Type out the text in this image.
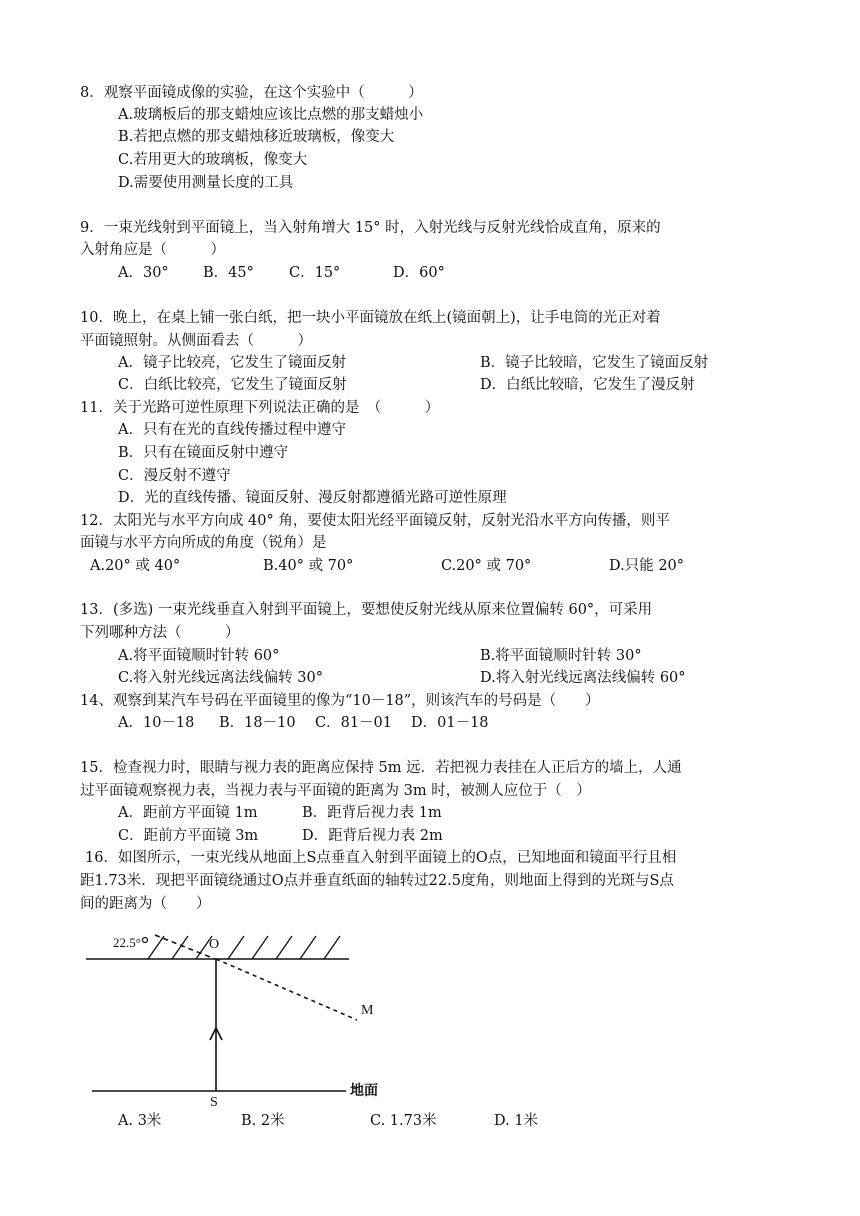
8．观察平面镜成像的实验，在这个实验中（　　　）
A.玻璃板后的那支蜡烛应该比点燃的那支蜡烛小
B.若把点燃的那支蜡烛移近玻璃板，像变大
C.若用更大的玻璃板，像变大
D.需要使用测量长度的工具
9．一束光线射到平面镜上，当入射角增大 15° 时，入射光线与反射光线恰成直角，原来的
入射角应是（　　　）
A．30° B．45° C．15°	D．60°
10．晚上，在桌上铺一张白纸，把一块小平面镜放在纸上(镜面朝上)，让手电筒的光正对着
平面镜照射。从侧面看去（　　　）
A．镜子比较亮，它发生了镜面反射	B．镜子比较暗，它发生了镜面反射
C．白纸比较亮，它发生了镜面反射	D．白纸比较暗，它发生了漫反射
11．关于光路可逆性原理下列说法正确的是　（　　　）
A．只有在光的直线传播过程中遵守
B．只有在镜面反射中遵守
C．漫反射不遵守
D．光的直线传播、镜面反射、漫反射都遵循光路可逆性原理
12．太阳光与水平方向成 40° 角，要使太阳光经平面镜反射，反射光沿水平方向传播，则平
面镜与水平方向所成的角度（锐角）是
A.20° 或 40°	B.40° 或 70°	C.20° 或 70°	D.只能 20°
13．(多选) 一束光线垂直入射到平面镜上，要想使反射光线从原来位置偏转 60°，可采用
下列哪种方法（　　　）
A.将平面镜顺时针转 60°	B.将平面镜顺时针转 30°
C.将入射光线远离法线偏转 30°	D.将入射光线远离法线偏转 60°
14、观察到某汽车号码在平面镜里的像为“10－18”，则该汽车的号码是（　　）
A．10－18 B．18－10 C．81－01 D．01－18
15．检查视力时，眼睛与视力表的距离应保持 5m 远．若把视力表挂在人正后方的墙上，人通
过平面镜观察视力表，当视力表与平面镜的距离为 3m 时，被测人应位于（　）
A．距前方平面镜 1m	B．距背后视力表 1m
C．距前方平面镜 3m	D．距背后视力表 2m
16．如图所示，一束光线从地面上S点垂直入射到平面镜上的O点，已知地面和镜面平行且相
距1.73米．现把平面镜绕通过O点并垂直纸面的轴转过22.5度角，则地面上得到的光斑与S点
间的距离为（　　）
22.5°	O
M
S
地面
A. 3米	B. 2米	C. 1.73米	D. 1米
